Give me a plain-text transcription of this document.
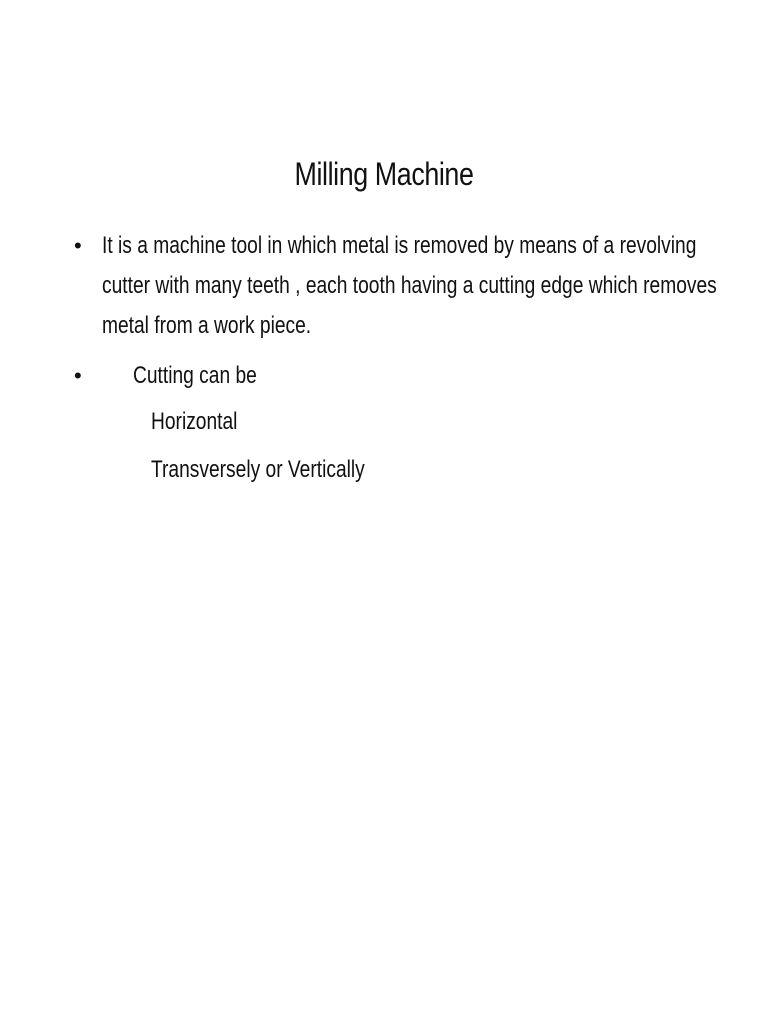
Milling Machine
• It is a machine tool in which metal is removed by means of a revolving
cutter with many teeth , each tooth having a cutting edge which removes
metal from a work piece.
• Cutting can be
Horizontal
Transversely or Vertically
